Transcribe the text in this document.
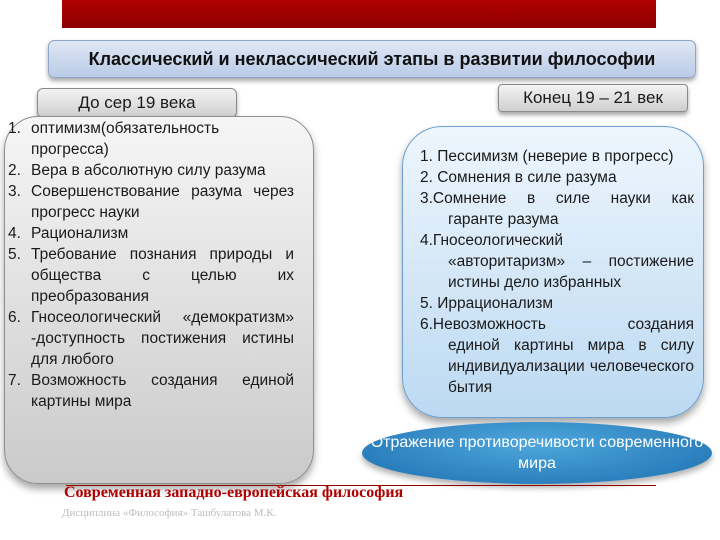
Классический и неклассический этапы в развитии философии
До сер 19 века	Конец 19 – 21 век
1. оптимизм(обязательность прогресса)
2. Вера в абсолютную силу разума
3. Совершенствование разума через прогресс науки
4. Рационализм
5. Требование познания природы и общества с целью их преобразования
6. Гносеологический «демократизм» -доступность постижения истины для любого
7. Возможность создания единой картины мира
1. Пессимизм (неверие в прогресс)
2. Сомнения в силе разума
3.Сомнение в силе науки как
гаранте разума
4.Гносеологический
«авторитаризм» – постижение истины дело избранных
5. Иррационализм
6.Невозможность создания
единой картины мира в силу индивидуализации человеческого бытия
Отражение противоречивости современного мира
Современная западно-европейская философия
Дисциплина «Философия» Ташбулатова М.К.
